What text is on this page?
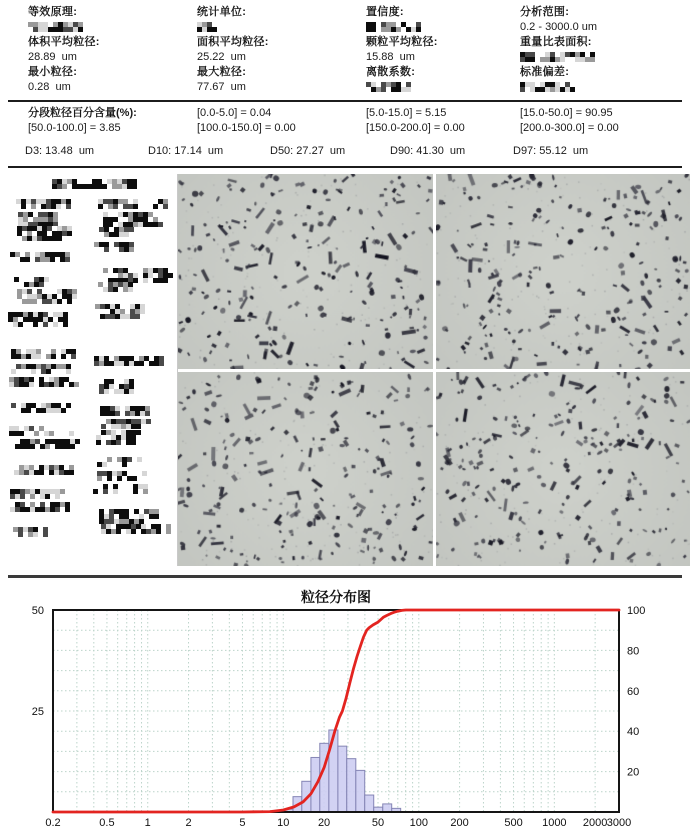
等效原理:
体积平均粒径:
28.89  um
最小粒径:
0.28  um
统计单位:
面积平均粒径:
25.22  um
最大粒径:
77.67  um
置信度:
颗粒平均粒径:
15.88  um
离散系数:
分析范围:
0.2 - 3000.0 um
重量比表面积:
标准偏差:
分段粒径百分含量(%):	[0.0-5.0] = 0.04	[5.0-15.0] = 5.15	[15.0-50.0] = 90.95
[50.0-100.0] = 3.85	[100.0-150.0] = 0.00	[150.0-200.0] = 0.00	[200.0-300.0] = 0.00
D3: 13.48  um	D10: 17.14  um	D50: 27.27  um	D90: 41.30  um	D97: 55.12  um
粒径分布图
50
25
100
80
60
40
20
0.2	0.5	1	2	5	10	20	50 100 200	500 1000 2000 3000
